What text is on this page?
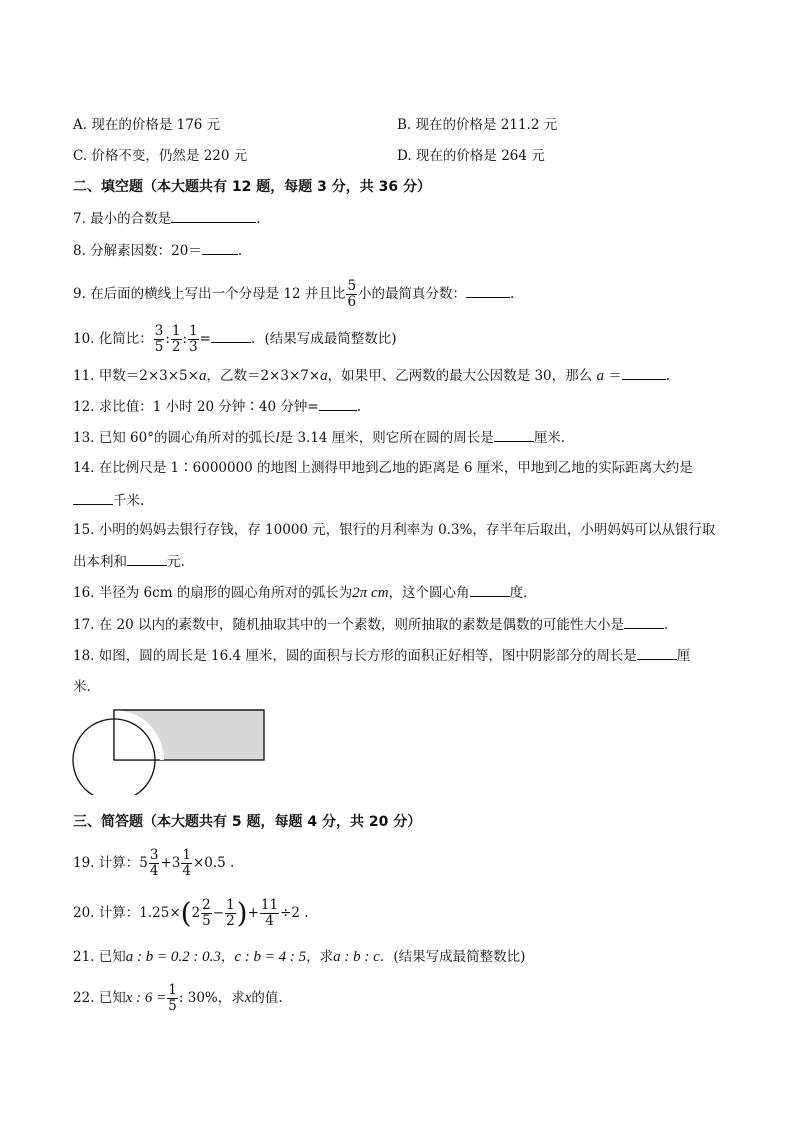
A. 现在的价格是 176 元	B. 现在的价格是 211.2 元
C. 价格不变，仍然是 220 元	D. 现在的价格是 264 元
二、填空题（本大题共有 12 题，每题 3 分，共 36 分）
7. 最小的合数是	.
8. 分解素因数：20＝	.
9. 在后面的横线上写出一个分母是 12 并且比 $\frac{5}{6}$ 小的最简真分数：	.
10. 化简比： $\frac{3}{5}$ : $\frac{1}{2}$ : $\frac{1}{3}$ =	．(结果写成最简整数比)
11. 甲数＝2×3×5×a，乙数＝2×3×7×a，如果甲、乙两数的最大公因数是 30，那么 a ＝	.
12. 求比值：1 小时 20 分钟∶40 分钟=	.
13. 已知 60°的圆心角所对的弧长l是 3.14 厘米，则它所在圆的周长是	厘米.
14. 在比例尺是 1∶6000000 的地图上测得甲地到乙地的距离是 6 厘米，甲地到乙地的实际距离大约是
千米.
15. 小明的妈妈去银行存钱，存 10000 元，银行的月利率为 0.3%，存半年后取出，小明妈妈可以从银行取
出本利和	元.
16. 半径为 6cm 的扇形的圆心角所对的弧长为2π cm，这个圆心角	度.
17. 在 20 以内的素数中，随机抽取其中的一个素数，则所抽取的素数是偶数的可能性大小是	.
18. 如图，圆的周长是 16.4 厘米，圆的面积与长方形的面积正好相等，图中阴影部分的周长是	厘
米.
三、简答题（本大题共有 5 题，每题 4 分，共 20 分）
19. 计算：$5 \frac{3}{4} +3 \frac{1}{4} \times 0.5$ .
20. 计算：$1.25\times(2 \frac{2}{5} - \frac{1}{2}$ )+ $\frac{11}{4} \div 2$ .
21. 已知a : b = 0.2 : 0.3，c : b = 4 : 5，求a : b : c．(结果写成最简整数比)
22. 已知x : $6 = \frac{1}{5}$ : 30%，求x的值.
